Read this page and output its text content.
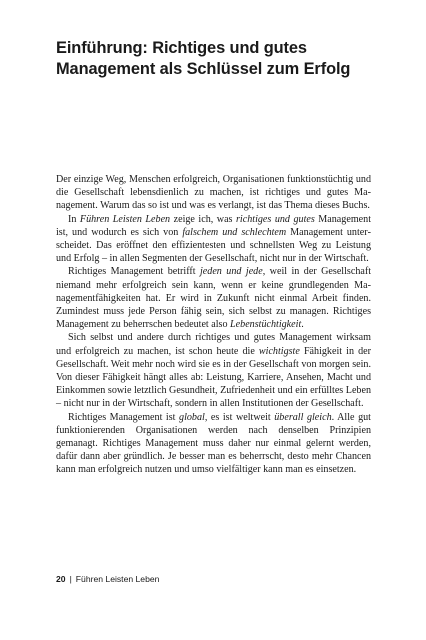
Einführung: Richtiges und gutes Management als Schlüssel zum Erfolg

Der einzige Weg, Menschen erfolgreich, Organisationen funktionstüchtig und die Gesellschaft lebensdienlich zu machen, ist richtiges und gutes Management. Warum das so ist und was es verlangt, ist das Thema dieses Buchs.

In Führen Leisten Leben zeige ich, was richtiges und gutes Management ist, und wodurch es sich von falschem und schlechtem Management unterscheidet. Das eröffnet den effizientesten und schnellsten Weg zu Leistung und Erfolg – in allen Segmenten der Gesellschaft, nicht nur in der Wirtschaft.

Richtiges Management betrifft jeden und jede, weil in der Gesellschaft niemand mehr erfolgreich sein kann, wenn er keine grundlegenden Managementfähigkeiten hat. Er wird in Zukunft nicht einmal Arbeit finden. Zumindest muss jede Person fähig sein, sich selbst zu managen. Richtiges Management zu beherrschen bedeutet also Lebenstüchtigkeit.

Sich selbst und andere durch richtiges und gutes Management wirksam und erfolgreich zu machen, ist schon heute die wichtigste Fähigkeit in der Gesellschaft. Weit mehr noch wird sie es in der Gesellschaft von morgen sein. Von dieser Fähigkeit hängt alles ab: Leistung, Karriere, Ansehen, Macht und Einkommen sowie letztlich Gesundheit, Zufriedenheit und ein erfülltes Leben – nicht nur in der Wirtschaft, sondern in allen Institutionen der Gesellschaft.

Richtiges Management ist global, es ist weltweit überall gleich. Alle gut funktionierenden Organisationen werden nach denselben Prinzipien gemanagt. Richtiges Management muss daher nur einmal gelernt werden, dafür dann aber gründlich. Je besser man es beherrscht, desto mehr Chancen kann man erfolgreich nutzen und umso vielfältiger kann man es einsetzen.

20 | Führen Leisten Leben
